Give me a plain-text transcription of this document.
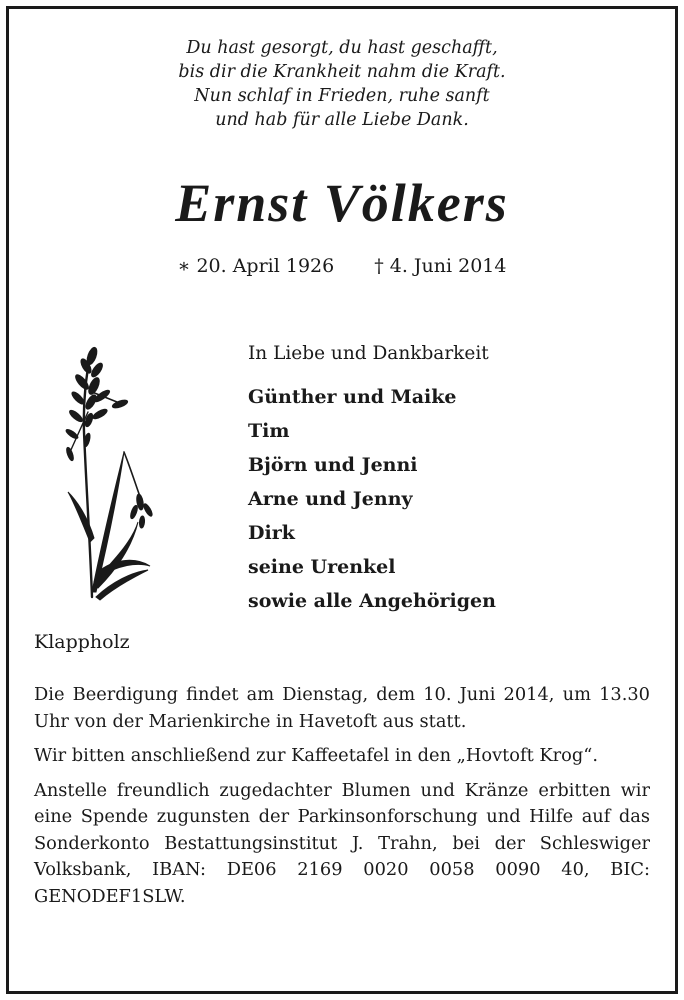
Du hast gesorgt, du hast geschafft,
bis dir die Krankheit nahm die Kraft.
Nun schlaf in Frieden, ruhe sanft
und hab für alle Liebe Dank.
Ernst Völkers
∗ 20. April 1926 † 4. Juni 2014
In Liebe und Dankbarkeit
Günther und Maike
Tim
Björn und Jenni
Arne und Jenny
Dirk
seine Urenkel
sowie alle Angehörigen
Klappholz

Die Beerdigung findet am Dienstag, dem 10. Juni 2014, um 13.30 Uhr von der Marienkirche in Havetoft aus statt.

Wir bitten anschließend zur Kaffeetafel in den „Hovtoft Krog“.

Anstelle freundlich zugedachter Blumen und Kränze erbitten wir eine Spende zugunsten der Parkinsonforschung und Hilfe auf das Sonderkonto Bestattungsinstitut J. Trahn, bei der Schleswiger Volksbank, IBAN: DE06 2169 0020 0058 0090 40, BIC: GENODEF1SLW.
